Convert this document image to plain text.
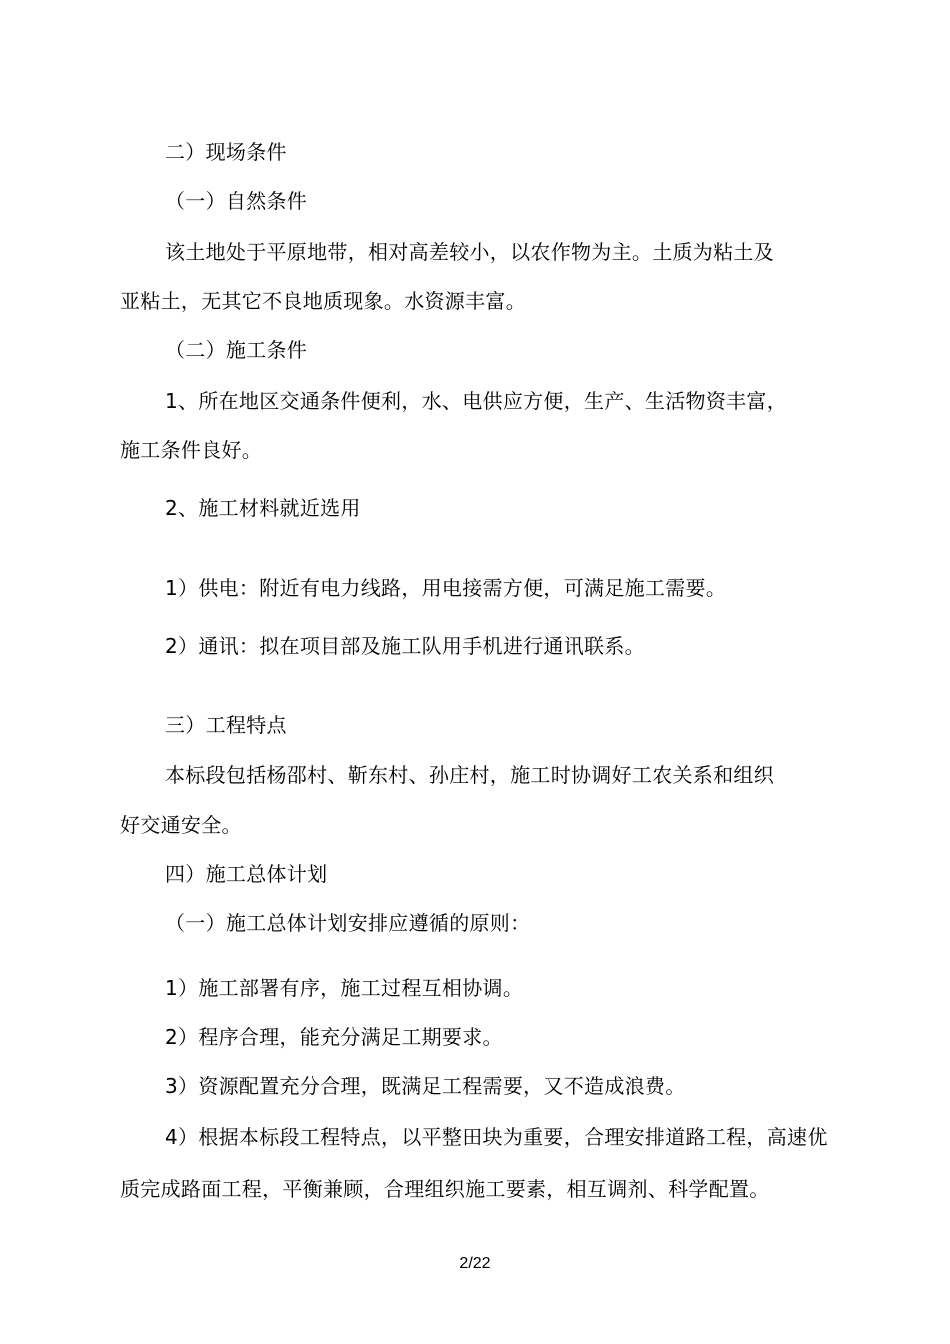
二）现场条件
（一）自然条件
该土地处于平原地带，相对高差较小，以农作物为主。土质为粘土及
亚粘土，无其它不良地质现象。水资源丰富。
（二）施工条件
1、所在地区交通条件便利，水、电供应方便，生产、生活物资丰富，
施工条件良好。
2、施工材料就近选用
1）供电：附近有电力线路，用电接需方便，可满足施工需要。
2）通讯：拟在项目部及施工队用手机进行通讯联系。
三）工程特点
本标段包括杨邵村、靳东村、孙庄村，施工时协调好工农关系和组织
好交通安全。
四）施工总体计划
（一）施工总体计划安排应遵循的原则：
1）施工部署有序，施工过程互相协调。
2）程序合理，能充分满足工期要求。
3）资源配置充分合理，既满足工程需要，又不造成浪费。
4）根据本标段工程特点，以平整田块为重要，合理安排道路工程，高速优
质完成路面工程，平衡兼顾，合理组织施工要素，相互调剂、科学配置。
2/22
